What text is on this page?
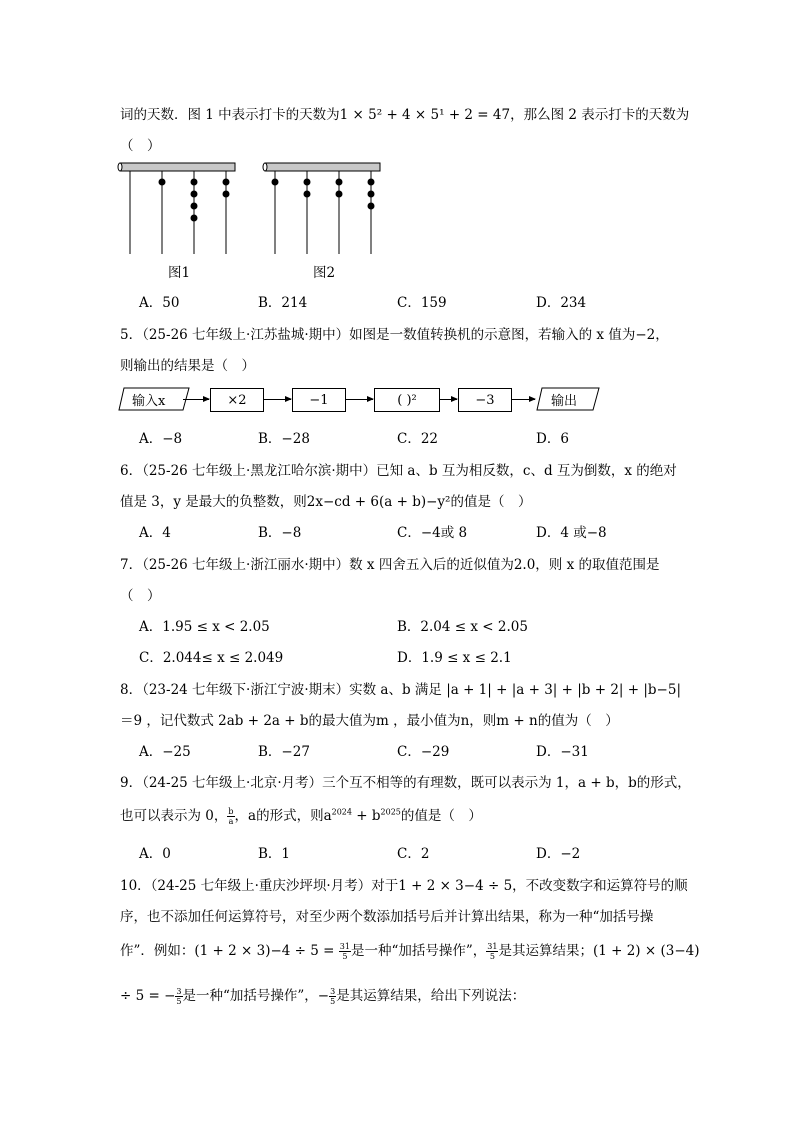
词的天数．图 1 中表示打卡的天数为1 × 5² + 4 × 5¹ + 2 = 47，那么图 2 表示打卡的天数为
（　）
图1	图2
A．50	B．214	C．159	D．234
5．（25-26 七年级上·江苏盐城·期中）如图是一数值转换机的示意图，若输入的 x 值为−2，
则输出的结果是（　）
输入x	×2	−1	( )²	−3	输出
A．−8	B．−28	C．22	D．6
6．（25-26 七年级上·黑龙江哈尔滨·期中）已知 a、b 互为相反数，c、d 互为倒数，x 的绝对
值是 3，y 是最大的负整数，则2x−cd + 6(a + b)−y²的值是（　）
A．4	B．−8	C．−4或 8	D．4 或−8
7．（25-26 七年级上·浙江丽水·期中）数 x 四舍五入后的近似值为2.0，则 x 的取值范围是
（　）
A．1.95 ≤ x < 2.05	B．2.04 ≤ x < 2.05
C．2.044≤ x ≤ 2.049	D．1.9 ≤ x ≤ 2.1
8．（23-24 七年级下·浙江宁波·期末）实数 a、b 满足 |a + 1| + |a + 3| + |b + 2| + |b−5|
＝9 ，记代数式 2ab + 2a + b的最大值为m ，最小值为n，则m + n的值为（　）
A．−25	B．−27	C．−29	D．−31
9．（24-25 七年级上·北京·月考）三个互不相等的有理数，既可以表示为 1，a + b，b的形式，
也可以表示为 0， $\frac{b}{a}$ ，a的形式，则$a^{2024} + b^{2025}$的值是（　）
A．0	B．1	C．2	D．−2
10．（24-25 七年级上·重庆沙坪坝·月考）对于1 + 2 × 3−4 ÷ 5，不改变数字和运算符号的顺
序，也不添加任何运算符号，对至少两个数添加括号后并计算出结果，称为一种“加括号操
作”．例如：$(1 + 2 \times 3)-4 \div 5 = \frac{31}{5}$ 是一种“加括号操作”， $\frac{31}{5}$ 是其运算结果；(1 + 2) × (3−4)
÷ 5 = − $\frac{3}{5}$ 是一种“加括号操作”，− $\frac{3}{5}$ 是其运算结果，给出下列说法：
